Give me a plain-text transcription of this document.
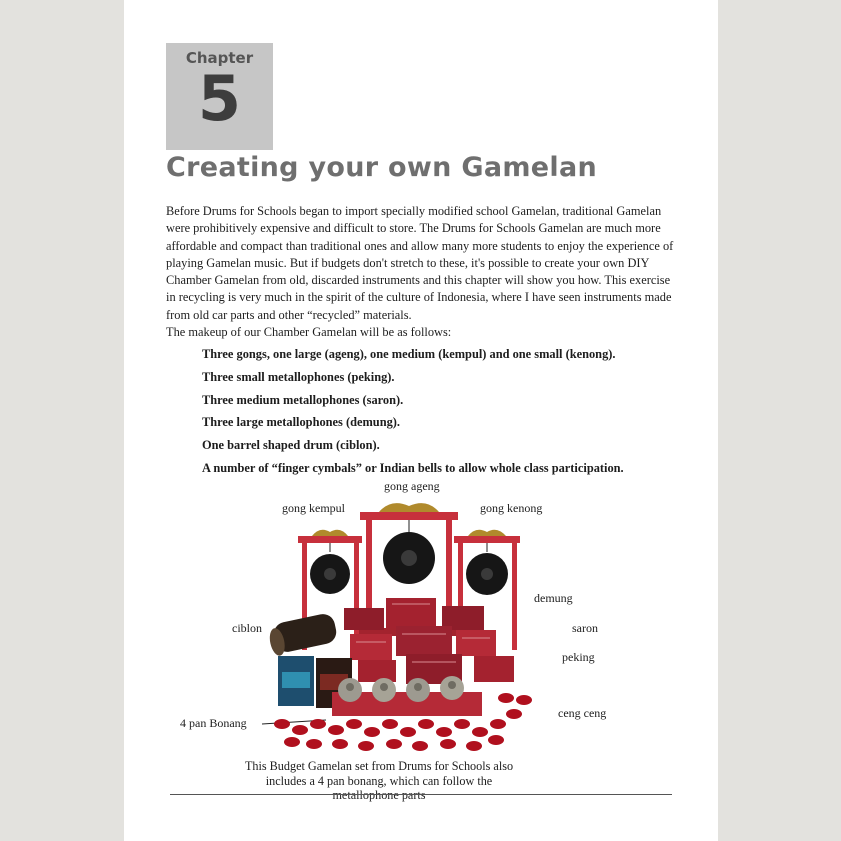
Chapter
5
Creating your own Gamelan

Before Drums for Schools began to import specially modified school Gamelan, traditional Gamelan were prohibitively expensive and difficult to store. The Drums for Schools Gamelan are much more affordable and compact than traditional ones and allow many more students to enjoy the experience of playing Gamelan music. But if budgets don't stretch to these, it's possible to create your own DIY Chamber Gamelan from old, discarded instruments and this chapter will show you how. This exercise in recycling is very much in the spirit of the culture of Indonesia, where I have seen instruments made from old car parts and other “recycled” materials.

The makeup of our Chamber Gamelan will be as follows:

Three gongs, one large (ageng), one medium (kempul) and one small (kenong).
Three small metallophones (peking).
Three medium metallophones (saron).
Three large metallophones (demung).
One barrel shaped drum (ciblon).
A number of “finger cymbals” or Indian bells to allow whole class participation.
gong ageng
gong kempul	gong kenong
demung
ciblon	saron
peking
ceng ceng
4 pan Bonang

This Budget Gamelan set from Drums for Schools also includes a 4 pan bonang, which can follow the metallophone parts
